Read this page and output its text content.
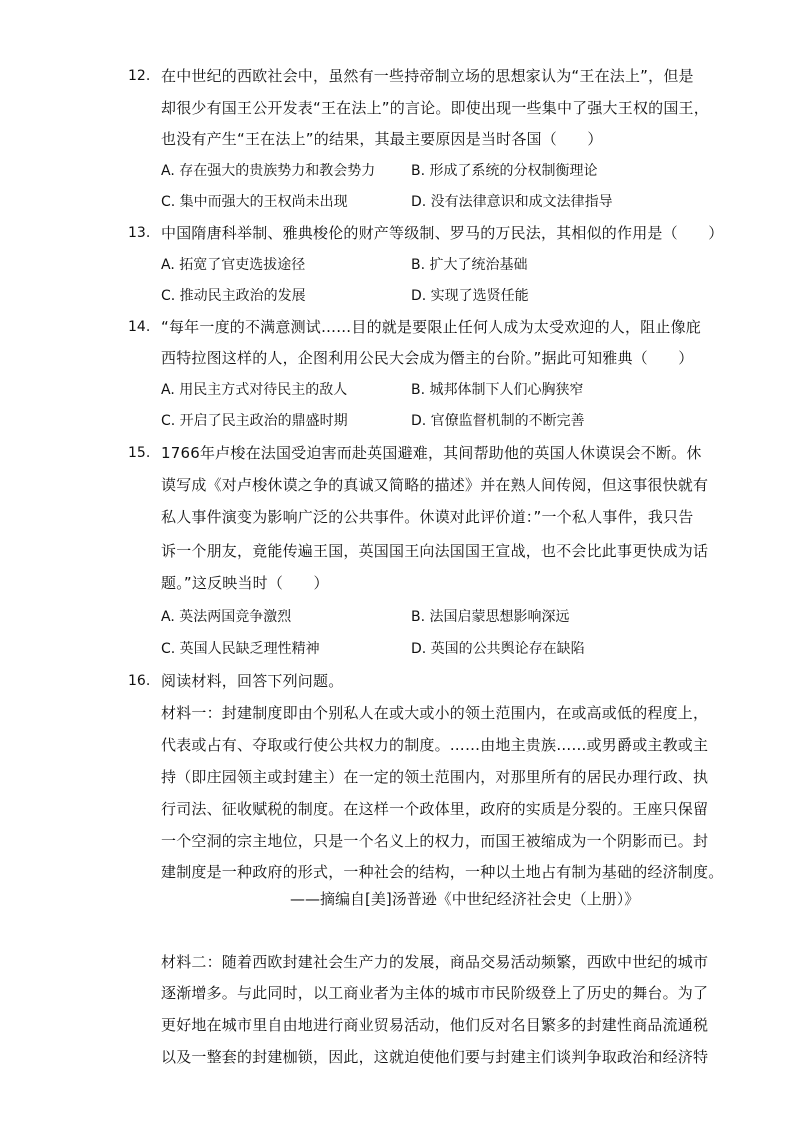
12. 在中世纪的西欧社会中，虽然有一些持帝制立场的思想家认为“王在法上”，但是
却很少有国王公开发表“王在法上”的言论。即使出现一些集中了强大王权的国王，
也没有产生“王在法上”的结果，其最主要原因是当时各国（　　）
A. 存在强大的贵族势力和教会势力	B. 形成了系统的分权制衡理论
C. 集中而强大的王权尚未出现	D. 没有法律意识和成文法律指导
13. 中国隋唐科举制、雅典梭伦的财产等级制、罗马的万民法，其相似的作用是（　　）
A. 拓宽了官吏选拔途径	B. 扩大了统治基础
C. 推动民主政治的发展	D. 实现了选贤任能
14. “每年一度的不满意测试……目的就是要限止任何人成为太受欢迎的人，阻止像庇
西特拉图这样的人，企图利用公民大会成为僭主的台阶。”据此可知雅典（　　）
A. 用民主方式对待民主的敌人	B. 城邦体制下人们心胸狭窄
C. 开启了民主政治的鼎盛时期	D. 官僚监督机制的不断完善
15. 1766年卢梭在法国受迫害而赴英国避难，其间帮助他的英国人休谟误会不断。休
谟写成《对卢梭休谟之争的真诚又简略的描述》并在熟人间传阅，但这事很快就有
私人事件演变为影响广泛的公共事件。休谟对此评价道：”一个私人事件，我只告
诉一个朋友，竟能传遍王国，英国国王向法国国王宣战，也不会比此事更快成为话
题。”这反映当时（　　）
A. 英法两国竞争激烈	B. 法国启蒙思想影响深远
C. 英国人民缺乏理性精神	D. 英国的公共舆论存在缺陷
16. 阅读材料，回答下列问题。
材料一：封建制度即由个别私人在或大或小的领土范围内，在或高或低的程度上，
代表或占有、夺取或行使公共权力的制度。……由地主贵族……或男爵或主教或主
持（即庄园领主或封建主）在一定的领土范围内，对那里所有的居民办理行政、执
行司法、征收赋税的制度。在这样一个政体里，政府的实质是分裂的。王座只保留
一个空洞的宗主地位，只是一个名义上的权力，而国王被缩成为一个阴影而已。封
建制度是一种政府的形式，一种社会的结构，一种以土地占有制为基础的经济制度。
——摘编自[美]汤普逊《中世纪经济社会史（上册）》
材料二：随着西欧封建社会生产力的发展，商品交易活动频繁，西欧中世纪的城市
逐渐增多。与此同时，以工商业者为主体的城市市民阶级登上了历史的舞台。为了
更好地在城市里自由地进行商业贸易活动，他们反对名目繁多的封建性商品流通税
以及一整套的封建枷锁，因此，这就迫使他们要与封建主们谈判争取政治和经济特
